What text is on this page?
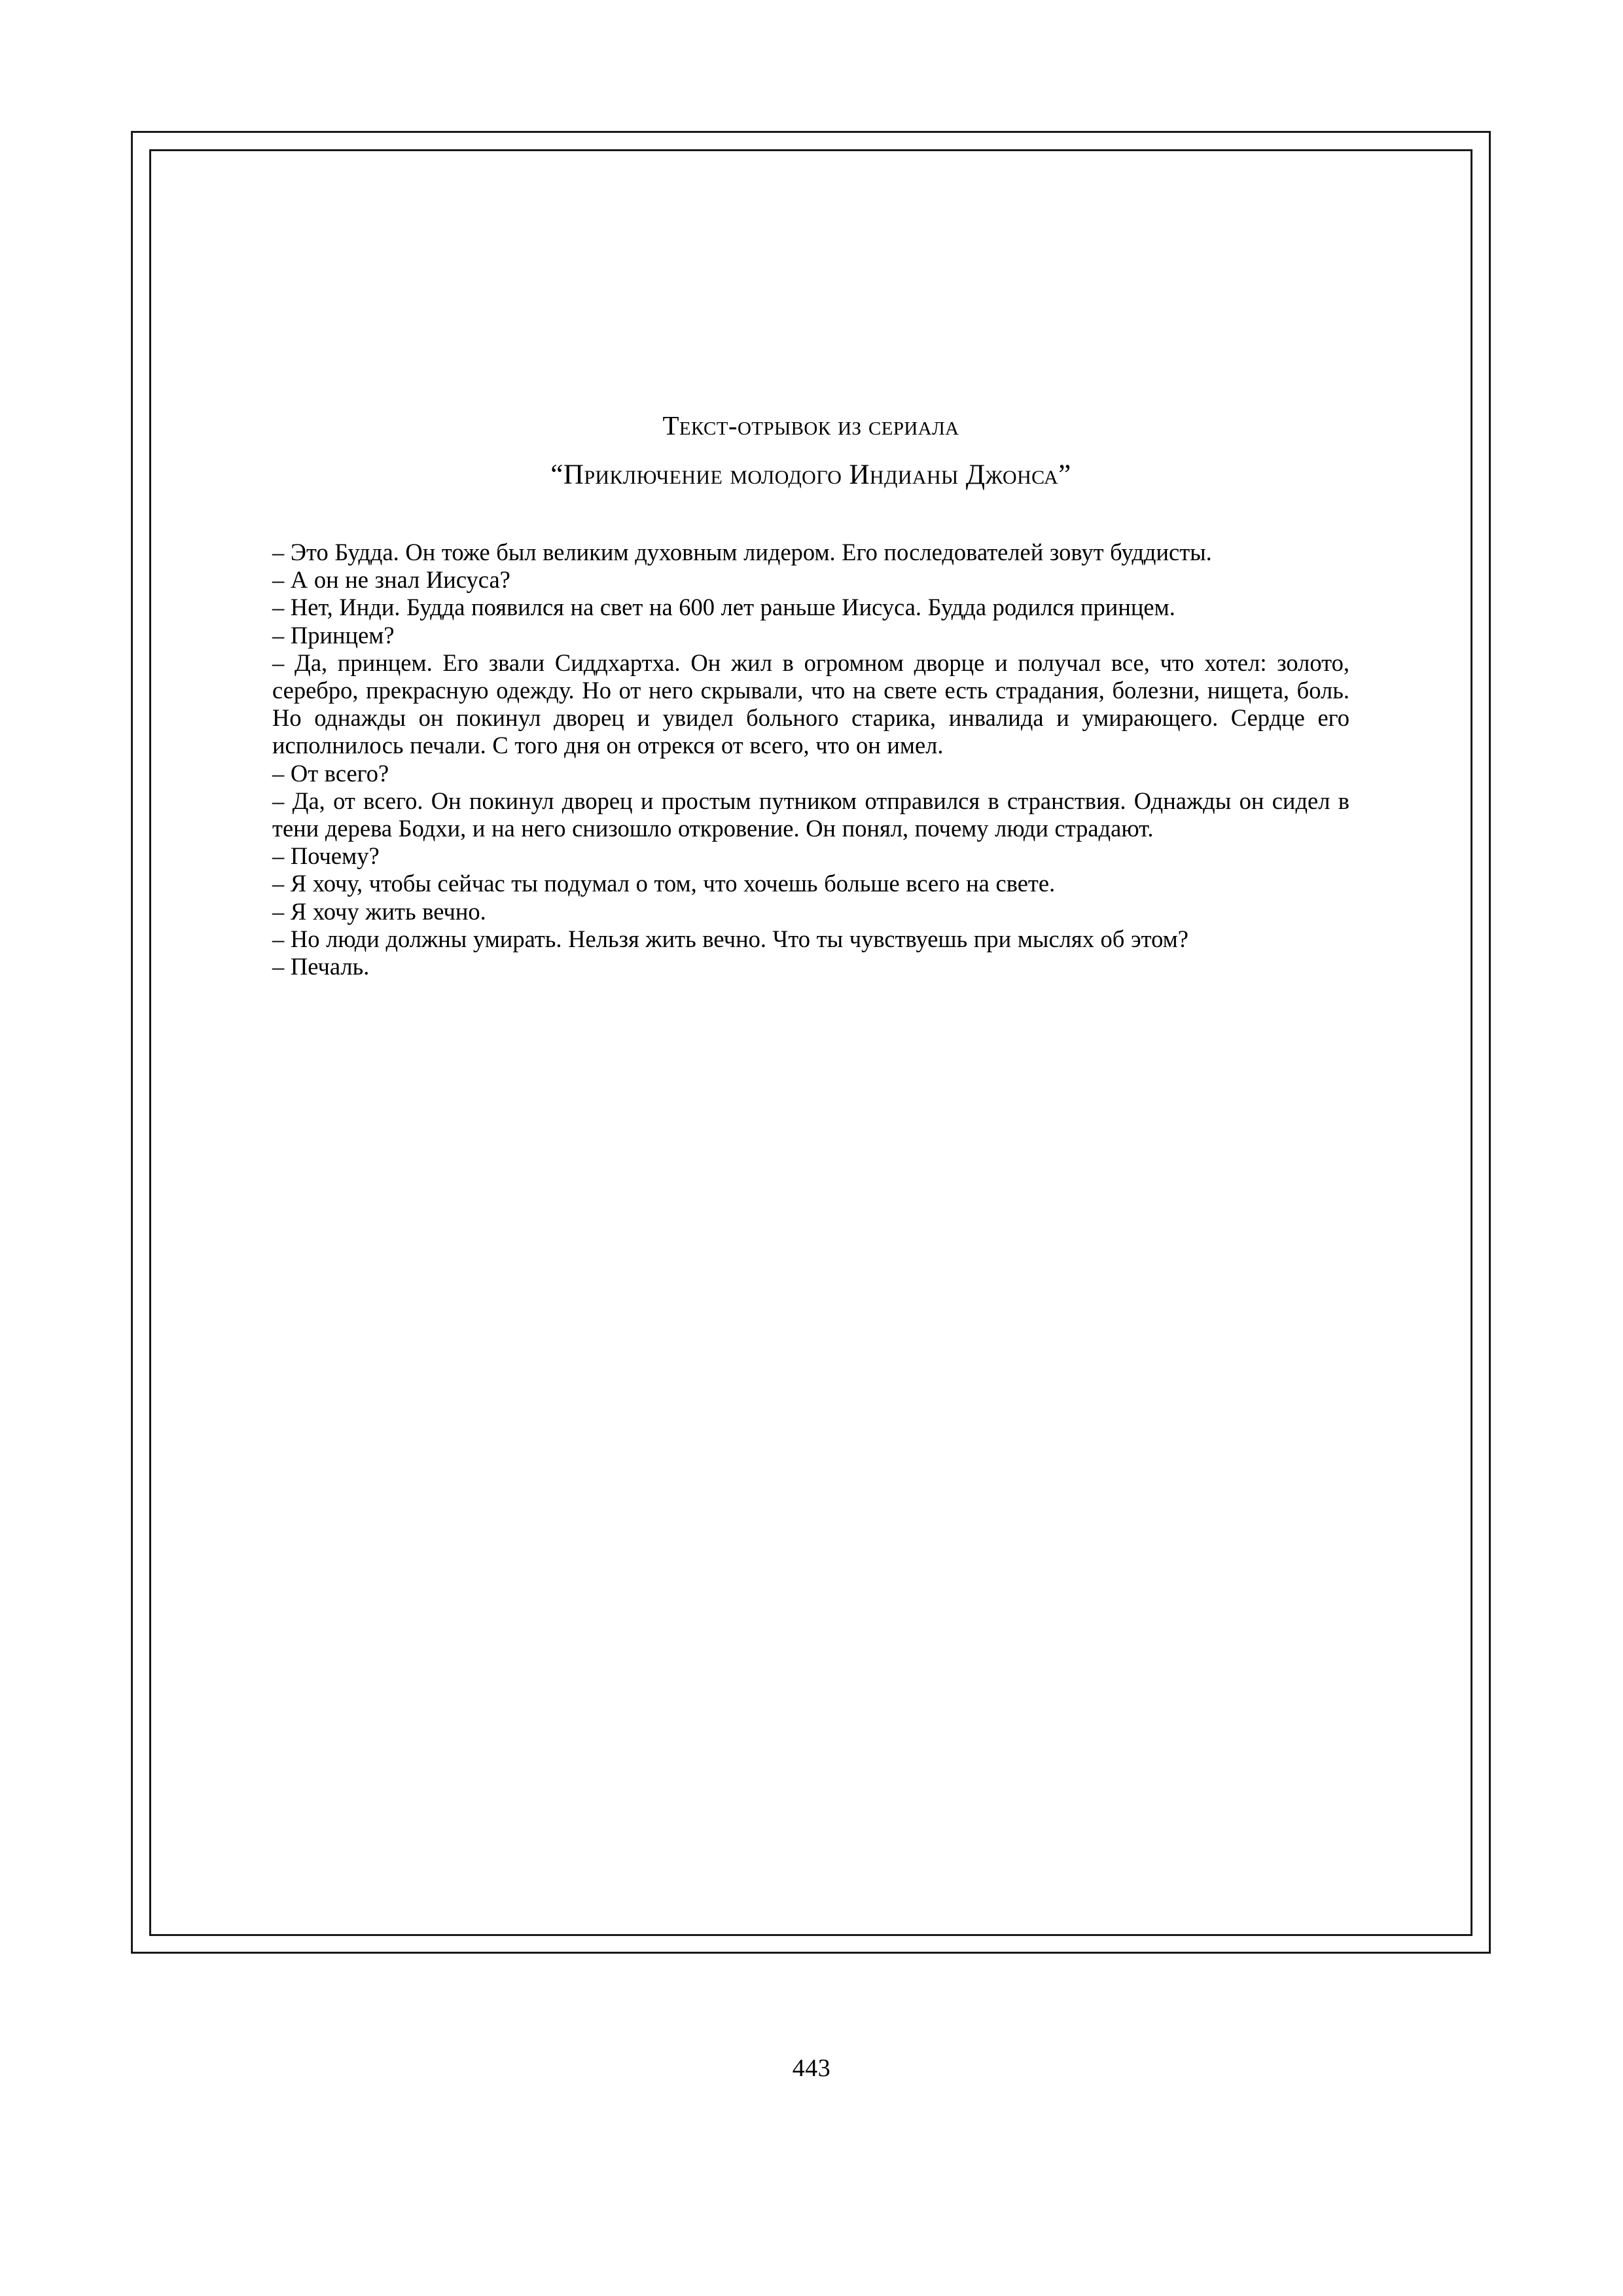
Текст-отрывок из сериала
“Приключение молодого Индианы Джонса”

– Это Будда. Он тоже был великим духовным лидером. Его последователей зовут буддисты.

– А он не знал Иисуса?

– Нет, Инди. Будда появился на свет на 600 лет раньше Иисуса. Будда родился принцем.

– Принцем?

– Да, принцем. Его звали Сиддхартха. Он жил в огромном дворце и получал все, что хотел: золото, серебро, прекрасную одежду. Но от него скрывали, что на свете есть страдания, болезни, нищета, боль. Но однажды он покинул дворец и увидел больного старика, инвалида и умирающего. Сердце его исполнилось печали. С того дня он отрекся от всего, что он имел.

– От всего?

– Да, от всего. Он покинул дворец и простым путником отправился в странствия. Однажды он сидел в тени дерева Бодхи, и на него снизошло откровение. Он понял, почему люди страдают.

– Почему?

– Я хочу, чтобы сейчас ты подумал о том, что хочешь больше всего на свете.

– Я хочу жить вечно.

– Но люди должны умирать. Нельзя жить вечно. Что ты чувствуешь при мыслях об этом?

– Печаль.

443
